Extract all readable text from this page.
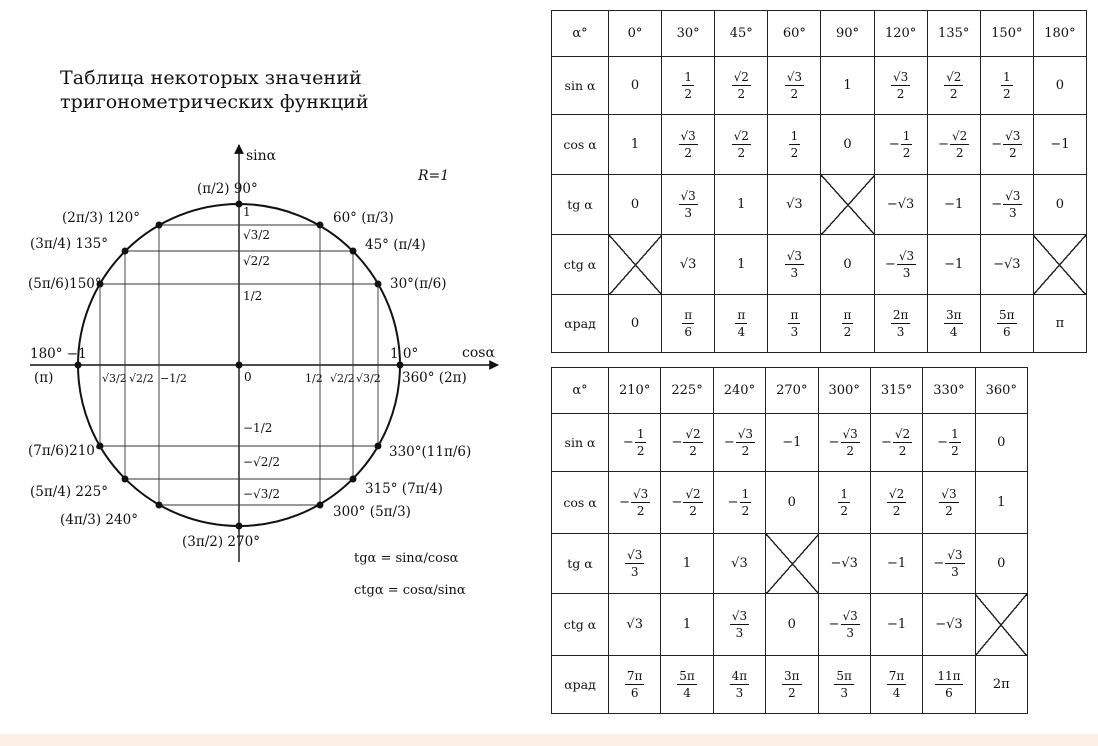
Таблица некоторых значений
тригонометрических функций
sinα
cosα
R=1
(π/2) 90°
(2π/3) 120°
(3π/4) 135°
(5π/6)150°
60° (π/3)
45° (π/4)
30°(π/6)
1 0°
360° (2π)
180° −1
(π)
(7π/6)210°
(5π/4) 225°
(4π/3) 240°
(3π/2) 270°
300° (5π/3)
315° (7π/4)
330°(11π/6)
1
√3/2
√2/2
1/2
0
−1/2
−√2/2
−√3/2
√3/2 √2/2 −1/2	1/2 √2/2 √3/2
tgα = sinα/cosα
ctgα = cosα/sinα
α°	0°	30°	45°	60°	90°	120°	135°	150°	180°
sin α	0	$\frac{1}{2}$	$\frac{√2}{2}$	$\frac{√3}{2}$	1	$\frac{√3}{2}$	$\frac{√2}{2}$	$\frac{1}{2}$	0
cos α	1	$\frac{√3}{2}$	$\frac{√2}{2}$	$\frac{1}{2}$	0	− $\frac{1}{2}$	− $\frac{√2}{2}$	− $\frac{√3}{2}$	−1
tg α	0	$\frac{√3}{3}$	1	√3		−√3	−1	− $\frac{√3}{3}$	0
ctg α		√3	1	$\frac{√3}{3}$	0	− $\frac{√3}{3}$	−1	−√3	
αрад	0	$\frac{\pi}{6}$	$\frac{\pi}{4}$	$\frac{\pi}{3}$	$\frac{\pi}{2}$	$\frac{2\pi}{3}$	$\frac{3\pi}{4}$	$\frac{5\pi}{6}$	π
α°	210°	225°	240°	270°	300°	315°	330°	360°
sin α	− $\frac{1}{2}$	− $\frac{√2}{2}$	− $\frac{√3}{2}$	−1	− $\frac{√3}{2}$	− $\frac{√2}{2}$	− $\frac{1}{2}$	0
cos α	− $\frac{√3}{2}$	− $\frac{√2}{2}$	− $\frac{1}{2}$	0	$\frac{1}{2}$	$\frac{√2}{2}$	$\frac{√3}{2}$	1
tg α	$\frac{√3}{3}$	1	√3		−√3	−1	− $\frac{√3}{3}$	0
ctg α	√3	1	$\frac{√3}{3}$	0	− $\frac{√3}{3}$	−1	−√3	
αрад	$\frac{7\pi}{6}$	$\frac{5\pi}{4}$	$\frac{4\pi}{3}$	$\frac{3\pi}{2}$	$\frac{5\pi}{3}$	$\frac{7\pi}{4}$	$\frac{11\pi}{6}$	2π
